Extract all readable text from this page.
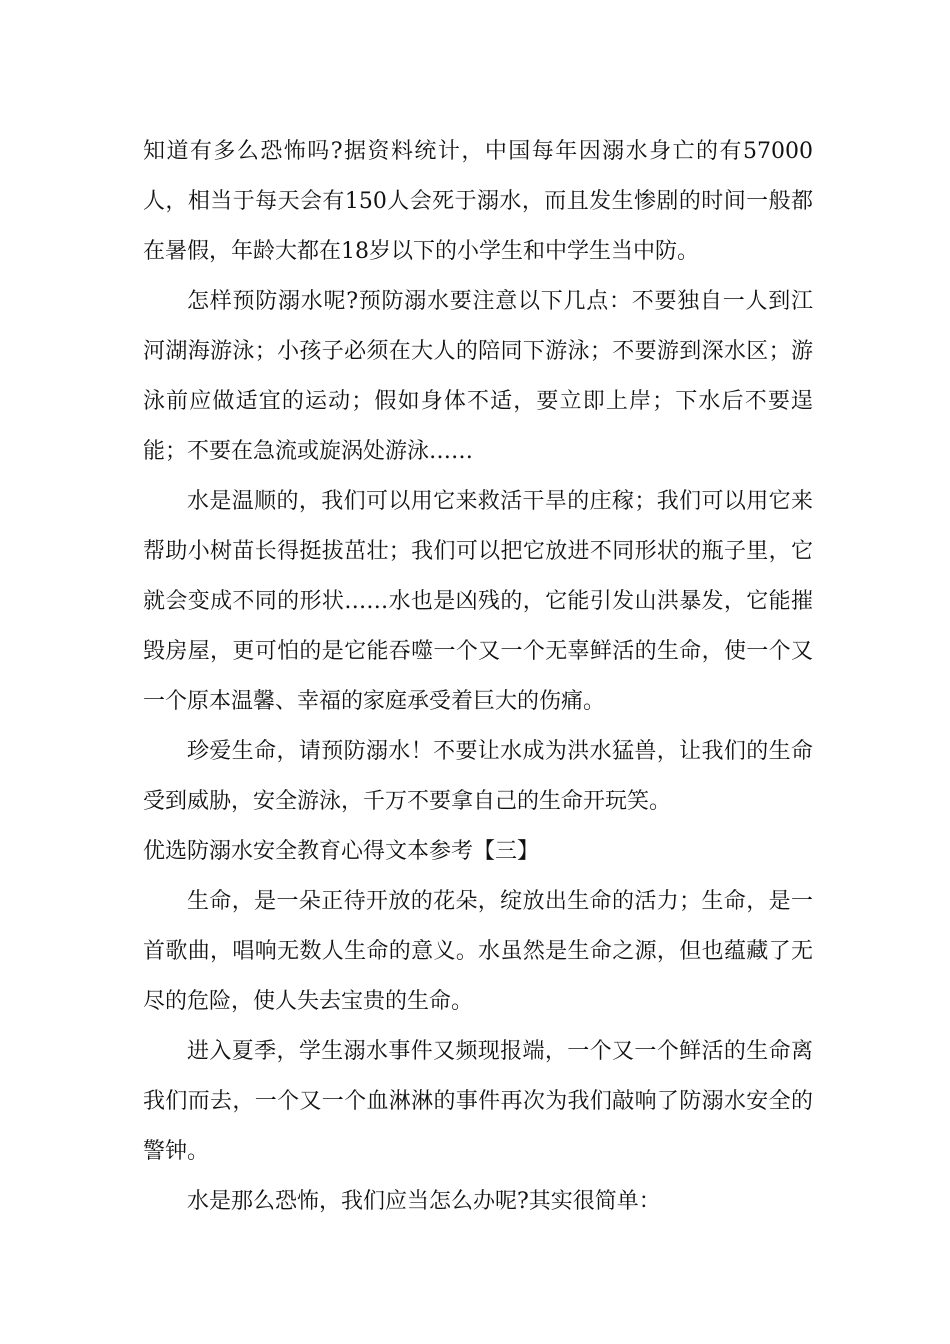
知道有多么恐怖吗?据资料统计，中国每年因溺水身亡的有57000人，相当于每天会有150人会死于溺水，而且发生惨剧的时间一般都在暑假，年龄大都在18岁以下的小学生和中学生当中防。

怎样预防溺水呢?预防溺水要注意以下几点：不要独自一人到江河湖海游泳；小孩子必须在大人的陪同下游泳；不要游到深水区；游泳前应做适宜的运动；假如身体不适，要立即上岸；下水后不要逞能；不要在急流或旋涡处游泳……

水是温顺的，我们可以用它来救活干旱的庄稼；我们可以用它来帮助小树苗长得挺拔茁壮；我们可以把它放进不同形状的瓶子里，它就会变成不同的形状……水也是凶残的，它能引发山洪暴发，它能摧毁房屋，更可怕的是它能吞噬一个又一个无辜鲜活的生命，使一个又一个原本温馨、幸福的家庭承受着巨大的伤痛。

珍爱生命，请预防溺水！不要让水成为洪水猛兽，让我们的生命受到威胁，安全游泳，千万不要拿自己的生命开玩笑。

优选防溺水安全教育心得文本参考【三】

生命，是一朵正待开放的花朵，绽放出生命的活力；生命，是一首歌曲，唱响无数人生命的意义。水虽然是生命之源，但也蕴藏了无尽的危险，使人失去宝贵的生命。

进入夏季，学生溺水事件又频现报端，一个又一个鲜活的生命离我们而去，一个又一个血淋淋的事件再次为我们敲响了防溺水安全的警钟。

水是那么恐怖，我们应当怎么办呢?其实很简单：
